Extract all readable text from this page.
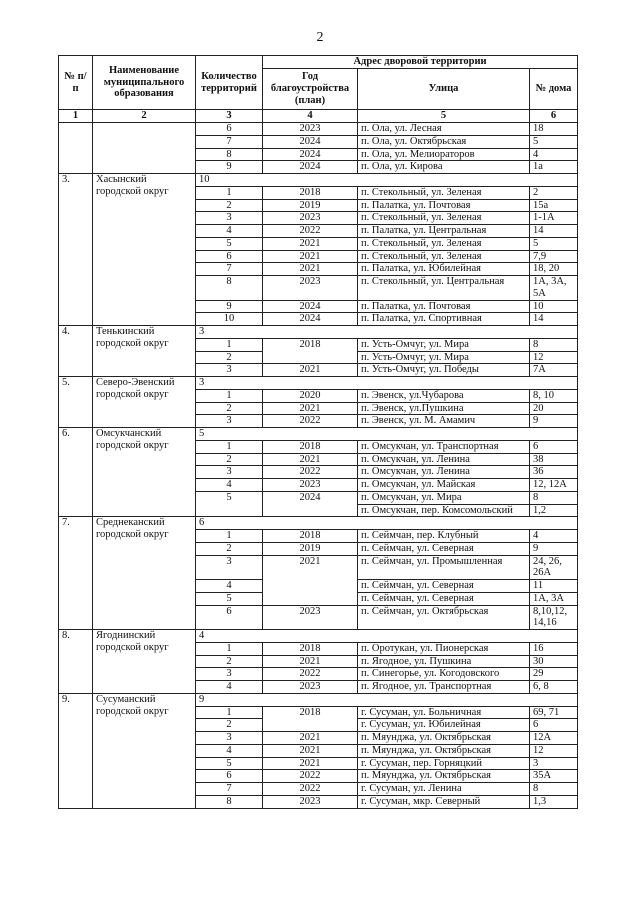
2
№ п/п	Наименование муниципального образования	Количество территорий	Адрес дворовой территории		
			Год благоустройства (план)	Улица	№ дома
1	2	3	4	5	6
		6	2023	п. Ола, ул. Лесная	18
		7	2024	п. Ола, ул. Октябрьская	5
		8	2024	п. Ола, ул. Мелиораторов	4
		9	2024	п. Ола, ул. Кирова	1а
3.	Хасынский городской округ	10			
		1	2018	п. Стекольный, ул. Зеленая	2
		2	2019	п. Палатка, ул. Почтовая	15а
		3	2023	п. Стекольный, ул. Зеленая	1-1А
		4	2022	п. Палатка, ул. Центральная	14
		5	2021	п. Стекольный, ул. Зеленая	5
		6	2021	п. Стекольный, ул. Зеленая	7,9
		7	2021	п. Палатка, ул. Юбилейная	18, 20
		8	2023	п. Стекольный, ул. Центральная	1А, 3А, 5А
		9	2024	п. Палатка, ул. Почтовая	10
		10	2024	п. Палатка, ул. Спортивная	14
4.	Тенькинский городской округ	3			
		1	2018	п. Усть-Омчуг, ул. Мира	8
		2		п. Усть-Омчуг, ул. Мира	12
		3	2021	п. Усть-Омчуг, ул. Победы	7А
5.	Северо-Эвенский городской округ	3			
		1	2020	п. Эвенск, ул.Чубарова	8, 10
		2	2021	п. Эвенск, ул.Пушкина	20
		3	2022	п. Эвенск, ул. М. Амамич	9
6.	Омсукчанский городской округ	5			
		1	2018	п. Омсукчан, ул. Транспортная	6
		2	2021	п. Омсукчан, ул. Ленина	38
		3	2022	п. Омсукчан, ул. Ленина	36
		4	2023	п. Омсукчан, ул. Майская	12, 12А
		5	2024	п. Омсукчан, ул. Мира	8
				п. Омсукчан, пер. Комсомольский	1,2
7.	Среднеканский городской округ	6			
		1	2018	п. Сеймчан, пер. Клубный	4
		2	2019	п. Сеймчан, ул. Северная	9
		3	2021	п. Сеймчан, ул. Промышленная	24, 26, 26А
		4		п. Сеймчан, ул. Северная	11
		5		п. Сеймчан, ул. Северная	1А, 3А
		6	2023	п. Сеймчан, ул. Октябрьская	8,10,12, 14,16
8.	Ягоднинский городской округ	4			
		1	2018	п. Оротукан, ул. Пионерская	16
		2	2021	п. Ягодное, ул. Пушкина	30
		3	2022	п. Синегорье, ул. Когодовского	29
		4	2023	п. Ягодное, ул. Транспортная	6, 8
9.	Сусуманский городской округ	9			
		1	2018	г. Сусуман, ул. Больничная	69, 71
		2		г. Сусуман, ул. Юбилейная	6
		3	2021	п. Мяунджа, ул. Октябрьская	12А
		4	2021	п. Мяунджа, ул. Октябрьская	12
		5	2021	г. Сусуман, пер. Горняцкий	3
		6	2022	п. Мяунджа, ул. Октябрьская	35А
		7	2022	г. Сусуман, ул. Ленина	8
		8	2023	г. Сусуман, мкр. Северный	1,3
